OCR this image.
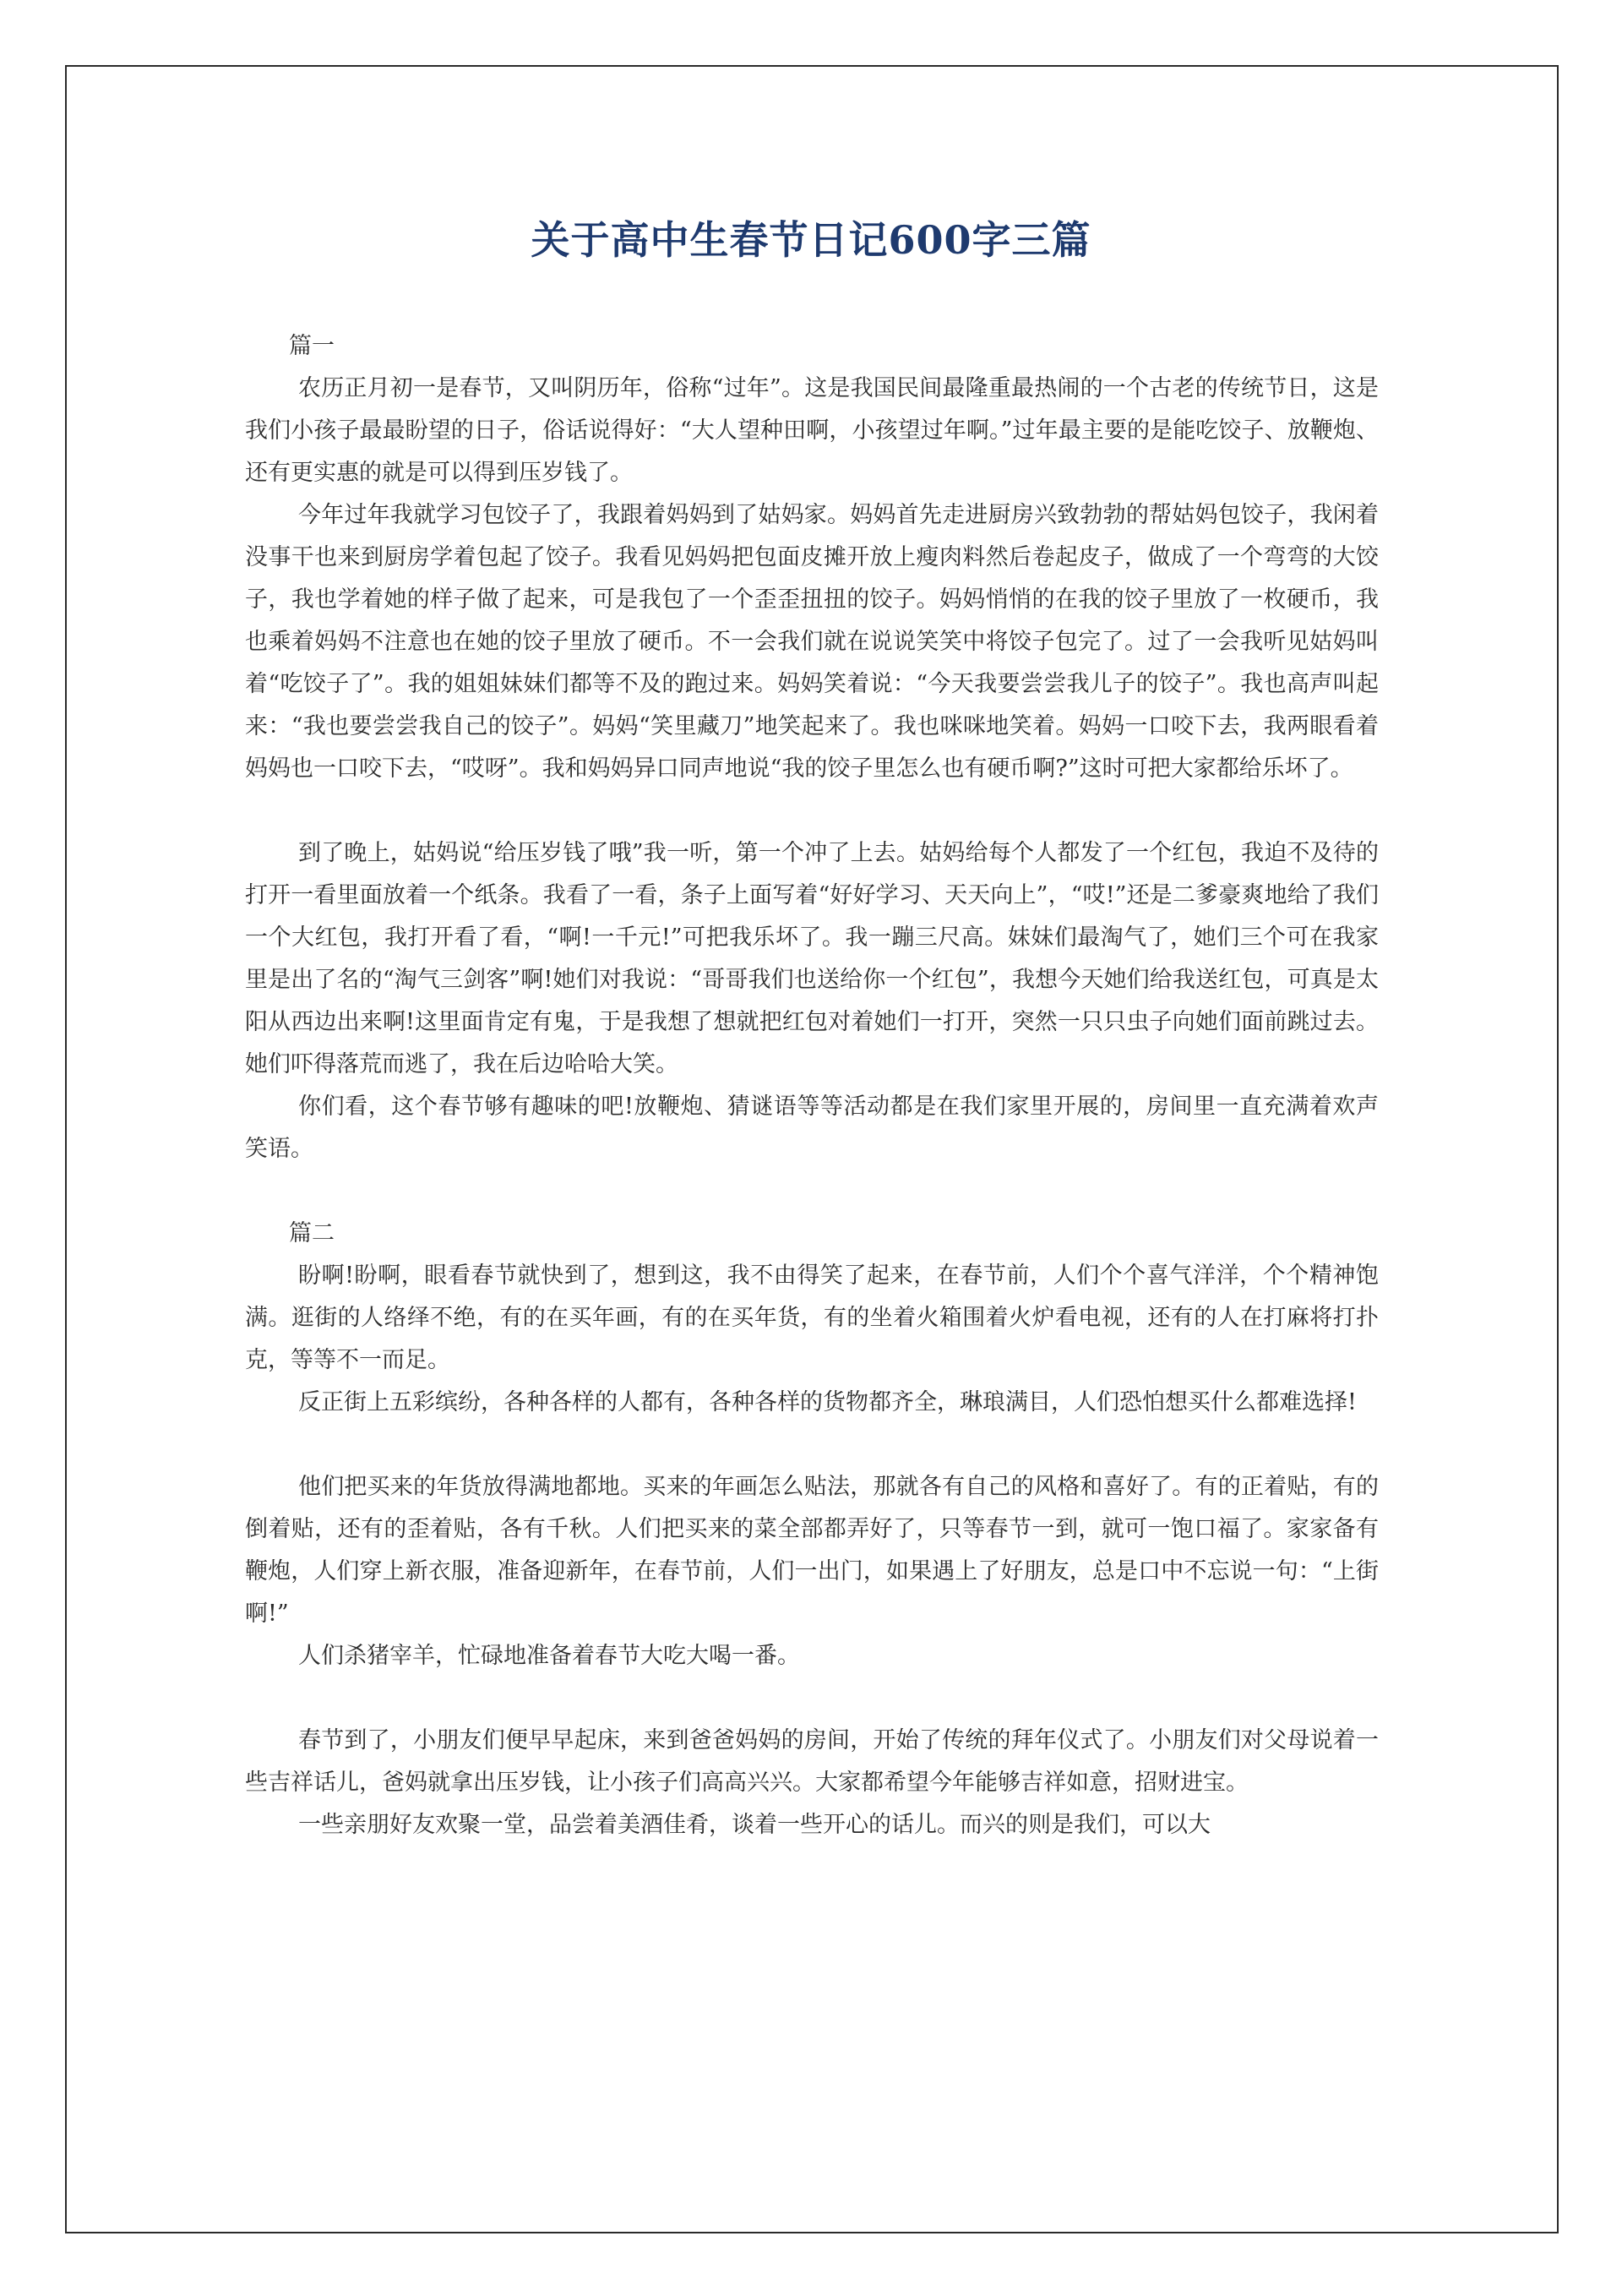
关于高中生春节日记600字三篇

篇一

农历正月初一是春节，又叫阴历年，俗称“过年”。这是我国民间最隆重最热闹的一个古老的传统节日，这是我们小孩子最最盼望的日子，俗话说得好：“大人望种田啊，小孩望过年啊。”过年最主要的是能吃饺子、放鞭炮、还有更实惠的就是可以得到压岁钱了。

今年过年我就学习包饺子了，我跟着妈妈到了姑妈家。妈妈首先走进厨房兴致勃勃的帮姑妈包饺子，我闲着没事干也来到厨房学着包起了饺子。我看见妈妈把包面皮摊开放上瘦肉料然后卷起皮子，做成了一个弯弯的大饺子，我也学着她的样子做了起来，可是我包了一个歪歪扭扭的饺子。妈妈悄悄的在我的饺子里放了一枚硬币，我也乘着妈妈不注意也在她的饺子里放了硬币。不一会我们就在说说笑笑中将饺子包完了。过了一会我听见姑妈叫着“吃饺子了”。我的姐姐妹妹们都等不及的跑过来。妈妈笑着说：“今天我要尝尝我儿子的饺子”。我也高声叫起来：“我也要尝尝我自己的饺子”。妈妈“笑里藏刀”地笑起来了。我也咪咪地笑着。妈妈一口咬下去，我两眼看着妈妈也一口咬下去，“哎呀”。我和妈妈异口同声地说“我的饺子里怎么也有硬币啊?”这时可把大家都给乐坏了。

到了晚上，姑妈说“给压岁钱了哦”我一听，第一个冲了上去。姑妈给每个人都发了一个红包，我迫不及待的打开一看里面放着一个纸条。我看了一看，条子上面写着“好好学习、天天向上”，“哎!”还是二爹豪爽地给了我们一个大红包，我打开看了看，“啊!一千元!”可把我乐坏了。我一蹦三尺高。妹妹们最淘气了，她们三个可在我家里是出了名的“淘气三剑客”啊!她们对我说：“哥哥我们也送给你一个红包”，我想今天她们给我送红包，可真是太阳从西边出来啊!这里面肯定有鬼，于是我想了想就把红包对着她们一打开，突然一只只虫子向她们面前跳过去。她们吓得落荒而逃了，我在后边哈哈大笑。

你们看，这个春节够有趣味的吧!放鞭炮、猜谜语等等活动都是在我们家里开展的，房间里一直充满着欢声笑语。

篇二

盼啊!盼啊，眼看春节就快到了，想到这，我不由得笑了起来，在春节前，人们个个喜气洋洋，个个精神饱满。逛街的人络绎不绝，有的在买年画，有的在买年货，有的坐着火箱围着火炉看电视，还有的人在打麻将打扑克，等等不一而足。

反正街上五彩缤纷，各种各样的人都有，各种各样的货物都齐全，琳琅满目，人们恐怕想买什么都难选择!

他们把买来的年货放得满地都地。买来的年画怎么贴法，那就各有自己的风格和喜好了。有的正着贴，有的倒着贴，还有的歪着贴，各有千秋。人们把买来的菜全部都弄好了，只等春节一到，就可一饱口福了。家家备有鞭炮，人们穿上新衣服，准备迎新年，在春节前，人们一出门，如果遇上了好朋友，总是口中不忘说一句：“上街啊!”

人们杀猪宰羊，忙碌地准备着春节大吃大喝一番。

春节到了，小朋友们便早早起床，来到爸爸妈妈的房间，开始了传统的拜年仪式了。小朋友们对父母说着一些吉祥话儿，爸妈就拿出压岁钱，让小孩子们高高兴兴。大家都希望今年能够吉祥如意，招财进宝。

一些亲朋好友欢聚一堂，品尝着美酒佳肴，谈着一些开心的话儿。而兴的则是我们，可以大
